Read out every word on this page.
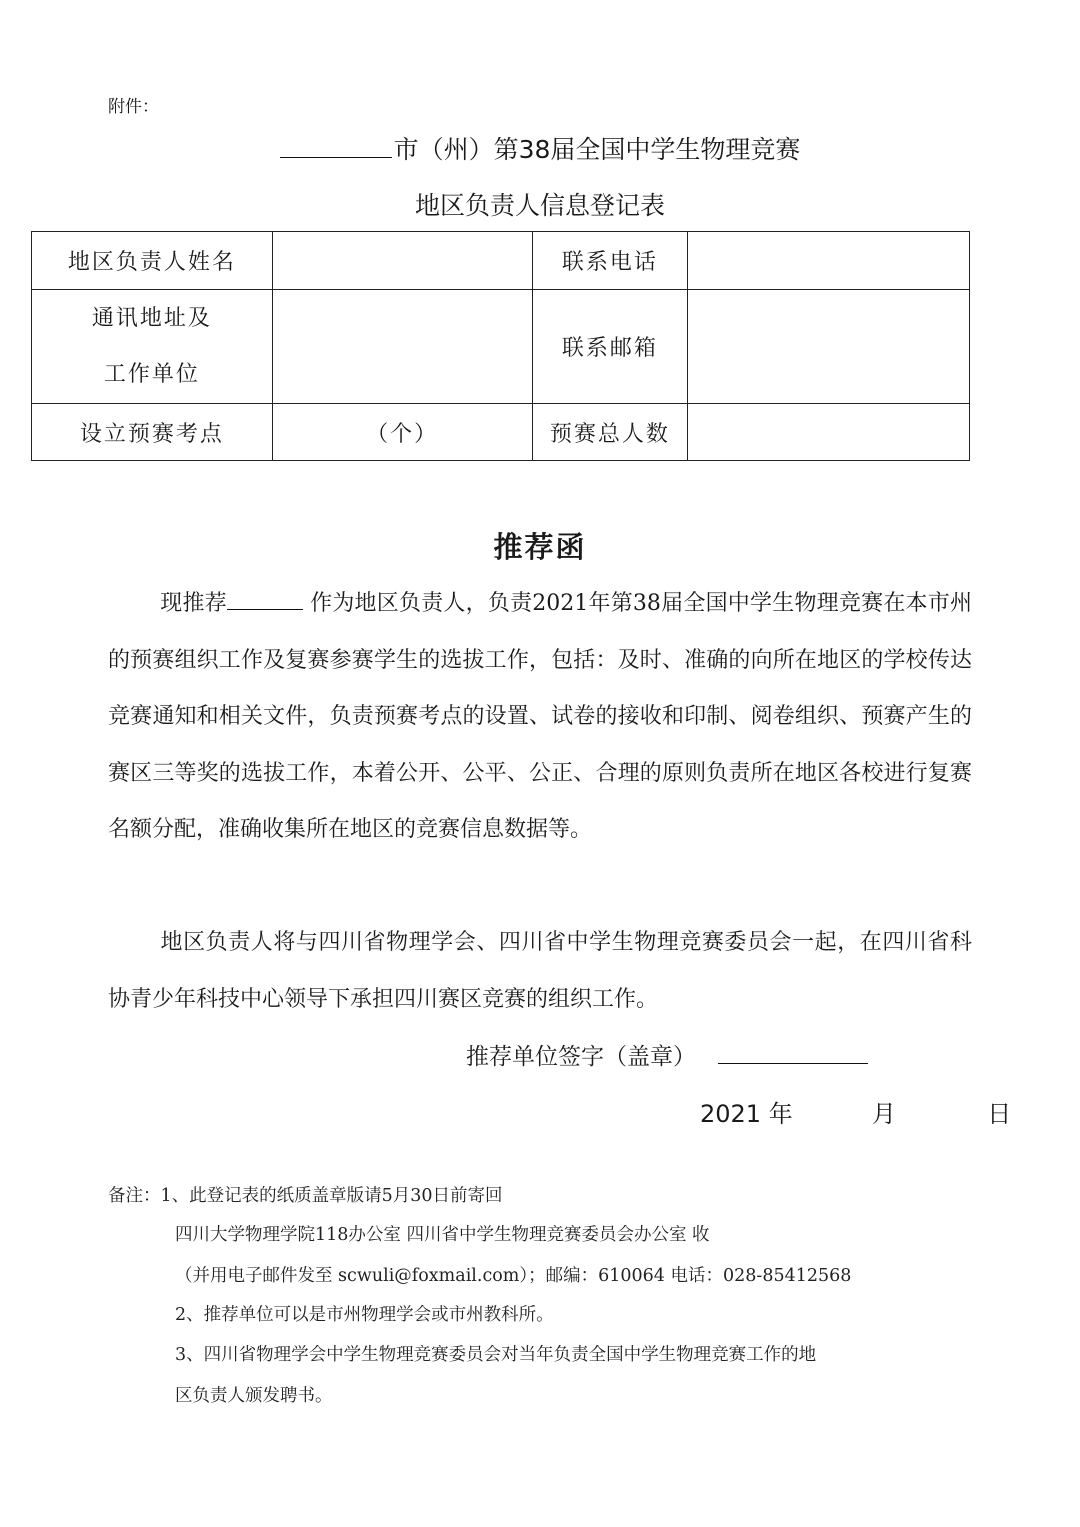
附件：
市（州）第38届全国中学生物理竞赛
地区负责人信息登记表
地区负责人姓名		联系电话	

通讯地址及
工作单位		联系邮箱	
设立预赛考点	（个）	预赛总人数	
推荐函
现推荐	作为地区负责人，负责2021年第38届全国中学生物理竞赛在本市州的预赛组织工作及复赛参赛学生的选拔工作，包括：及时、准确的向所在地区的学校传达竞赛通知和相关文件，负责预赛考点的设置、试卷的接收和印制、阅卷组织、预赛产生的赛区三等奖的选拔工作，本着公开、公平、公正、合理的原则负责所在地区各校进行复赛名额分配，准确收集所在地区的竞赛信息数据等。
地区负责人将与四川省物理学会、四川省中学生物理竞赛委员会一起，在四川省科协青少年科技中心领导下承担四川赛区竞赛的组织工作。
推荐单位签字（盖章）
2021 年	月	日
备注：1、此登记表的纸质盖章版请5月30日前寄回
四川大学物理学院118办公室 四川省中学生物理竞赛委员会办公室 收
（并用电子邮件发至 scwuli@foxmail.com）；邮编：610064 电话：028-85412568
2、推荐单位可以是市州物理学会或市州教科所。
3、四川省物理学会中学生物理竞赛委员会对当年负责全国中学生物理竞赛工作的地
区负责人颁发聘书。
